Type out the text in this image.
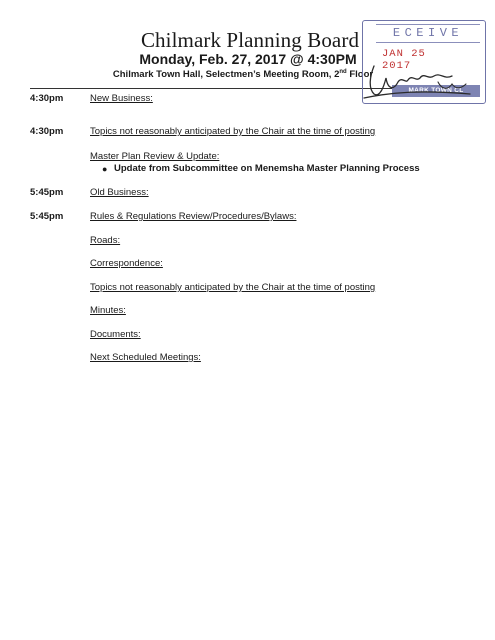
Chilmark Planning Board
Monday, Feb. 27, 2017 @ 4:30PM
Chilmark Town Hall, Selectmen’s Meeting Room, 2nd Floor
ECEIVE
JAN 25 2017
MARK TOWN CL
4:30pm	New Business:
4:30pm	Topics not reasonably anticipated by the Chair at the time of posting
Master Plan Review & Update:
● Update from Subcommittee on Menemsha Master Planning Process
5:45pm	Old Business:
5:45pm	Rules & Regulations Review/Procedures/Bylaws:
Roads:
Correspondence:
Topics not reasonably anticipated by the Chair at the time of posting
Minutes:
Documents:
Next Scheduled Meetings:
